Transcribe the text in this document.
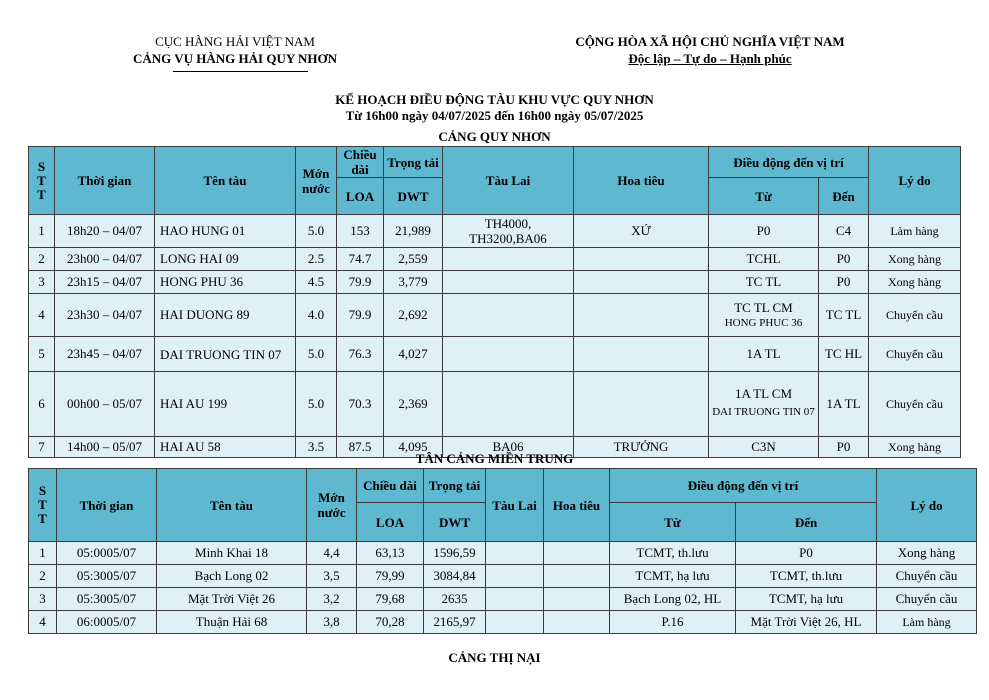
CỤC HÀNG HẢI VIỆT NAM
CẢNG VỤ HÀNG HẢI QUY NHƠN
CỘNG HÒA XÃ HỘI CHỦ NGHĨA VIỆT NAM
Độc lập – Tự do – Hạnh phúc
KẾ HOẠCH ĐIỀU ĐỘNG TÀU KHU VỰC QUY NHƠN
Từ 16h00 ngày 04/07/2025 đến 16h00 ngày 05/07/2025
CẢNG QUY NHƠN
S
T
T	Thời gian	Tên tàu	Mớn nước	Chiều dài	Trọng tải	Tàu Lai	Hoa tiêu	Điều động đến vị trí		Lý do
				LOA	DWT			Từ	Đến	
1	18h20 – 04/07	HAO HUNG 01	5.0	153	21,989	TH4000, TH3200,BA06	XỨ	P0	C4	Làm hàng
2	23h00 – 04/07	LONG HAI 09	2.5	74.7	2,559			TCHL	P0	Xong hàng
3	23h15 – 04/07	HONG PHU 36	4.5	79.9	3,779			TC TL	P0	Xong hàng
4	23h30 – 04/07	HAI DUONG 89	4.0	79.9	2,692			TC TL CM
HONG PHUC 36	TC TL	Chuyển cầu
5	23h45 – 04/07	DAI TRUONG TIN 07	5.0	76.3	4,027			1A TL	TC HL	Chuyển cầu
6	00h00 – 05/07	HAI AU 199	5.0	70.3	2,369			1A TL CM
DAI TRUONG TIN 07	1A TL	Chuyển cầu
7	14h00 – 05/07	HAI AU 58	3.5	87.5	4,095	BA06	TRƯỞNG	C3N	P0	Xong hàng
TÂN CẢNG MIỀN TRUNG
S
T
T	Thời gian	Tên tàu	Mớn nước	Chiều dài	Trọng tải	Tàu Lai	Hoa tiêu	Điều động đến vị trí		Lý do
				LOA	DWT			Từ	Đến	
1	05:0005/07	Minh Khai 18	4,4	63,13	1596,59			TCMT, th.lưu	P0	Xong hàng
2	05:3005/07	Bạch Long 02	3,5	79,99	3084,84			TCMT, hạ lưu	TCMT, th.lưu	Chuyển cầu
3	05:3005/07	Mặt Trời Việt 26	3,2	79,68	2635			Bạch Long 02, HL	TCMT, hạ lưu	Chuyển cầu
4	06:0005/07	Thuận Hải 68	3,8	70,28	2165,97			P.16	Mặt Trời Việt 26, HL	Làm hàng
CẢNG THỊ NẠI
